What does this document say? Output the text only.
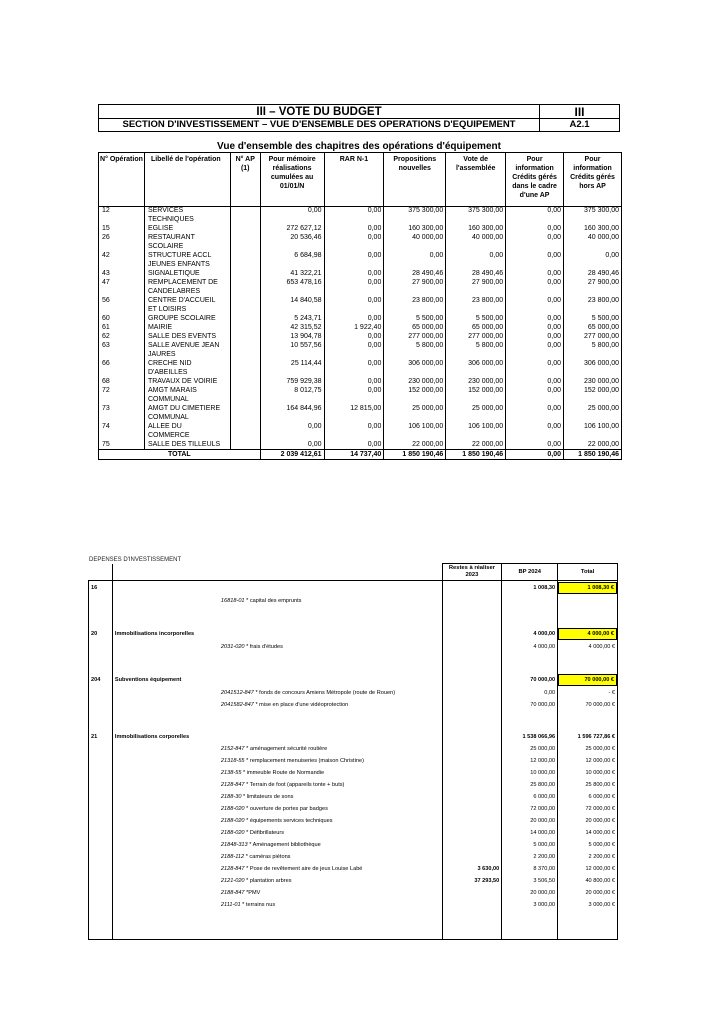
III – VOTE DU BUDGET	III
SECTION D'INVESTISSEMENT – VUE D'ENSEMBLE DES OPERATIONS D'EQUIPEMENT	A2.1
Vue d'ensemble des chapitres des opérations d'équipement
N° Opération	Libellé de l'opération	N° AP (1)	Pour mémoire réalisations cumulées au 01/01/N	RAR N-1	Propositions nouvelles	Vote de l'assemblée	Pour information Crédits gérés dans le cadre d'une AP	Pour information Crédits gérés hors AP
12	SERVICES		0,00	0,00	375 300,00	375 300,00	0,00	375 300,00
	TECHNIQUES							
15	EGLISE		272 627,12	0,00	160 300,00	160 300,00	0,00	160 300,00
26	RESTAURANT		20 536,46	0,00	40 000,00	40 000,00	0,00	40 000,00
	SCOLAIRE							
42	STRUCTURE ACCL		6 684,98	0,00	0,00	0,00	0,00	0,00
	JEUNES ENFANTS							
43	SIGNALETIQUE		41 322,21	0,00	28 490,46	28 490,46	0,00	28 490,46
47	REMPLACEMENT DE		653 478,16	0,00	27 900,00	27 900,00	0,00	27 900,00
	CANDELABRES							
56	CENTRE D'ACCUEIL		14 840,58	0,00	23 800,00	23 800,00	0,00	23 800,00
	ET LOISIRS							
60	GROUPE SCOLAIRE		5 243,71	0,00	5 500,00	5 500,00	0,00	5 500,00
61	MAIRIE		42 315,52	1 922,40	65 000,00	65 000,00	0,00	65 000,00
62	SALLE DES EVENTS		13 904,78	0,00	277 000,00	277 000,00	0,00	277 000,00
63	SALLE AVENUE JEAN		10 557,56	0,00	5 800,00	5 800,00	0,00	5 800,00
	JAURES							
66	CRECHE NID		25 114,44	0,00	306 000,00	306 000,00	0,00	306 000,00
	D'ABEILLES							
68	TRAVAUX DE VOIRIE		759 929,38	0,00	230 000,00	230 000,00	0,00	230 000,00
72	AMGT MARAIS		8 012,75	0,00	152 000,00	152 000,00	0,00	152 000,00
	COMMUNAL							
73	AMGT DU CIMETIERE		164 844,96	12 815,00	25 000,00	25 000,00	0,00	25 000,00
	COMMUNAL							
74	ALLEE DU		0,00	0,00	106 100,00	106 100,00	0,00	106 100,00
	COMMERCE							
75	SALLE DES TILLEULS		0,00	0,00	22 000,00	22 000,00	0,00	22 000,00
TOTAL			2 039 412,61	14 737,40	1 850 190,46	1 850 190,46	0,00	1 850 190,46
DEPENSES D'INVESTISSEMENT
		Restes à réaliser 2023	BP 2024	Total
16			1 008,30	1 008,30 €

	16818-01 * capital des emprunts			

20	Immobilisations incorporelles		4 000,00	4 000,00 €

	2031-020 * frais d'études		4 000,00	4 000,00 €

204	Subventions équipement		70 000,00	70 000,00 €

	2041512-847 * fonds de concours Amiens Métropole (route de Rouen)		0,00	- €
	2041582-847 * mise en place d'une vidéoprotection		70 000,00	70 000,00 €

21	Immobilisations corporelles		1 538 066,96	1 596 727,86 €

	2152-847 * aménagement sécurité routière		25 000,00	25 000,00 €
	21318-55 * remplacement menuiseries (maison Christine)		12 000,00	12 000,00 €
	2138-55 * immeuble Route de Normandie		10 000,00	10 000,00 €
	2128-847 * Terrain de foot (appareils tonte + buts)		25 800,00	25 800,00 €
	2188-30 * limitateurs de sons		6 000,00	6 000,00 €
	2188-020 * ouverture de portes par badges		72 000,00	72 000,00 €
	2188-020 * équipements services techniques		20 000,00	20 000,00 €
	2188-020 * Défibrillateurs		14 000,00	14 000,00 €
	21848-313 * Aménagement bibliothèque		5 000,00	5 000,00 €
	2188-112 * caméras piétons		2 200,00	2 200,00 €
	2128-847 * Pose de revêtement aire de jeux Louise Labé	3 630,00	8 370,00	12 000,00 €
	2121-020 * plantation arbres	37 293,50	3 506,50	40 800,00 €
	2188-847 *PMV		20 000,00	20 000,00 €
	2111-01 * terrains nus		3 000,00	3 000,00 €
